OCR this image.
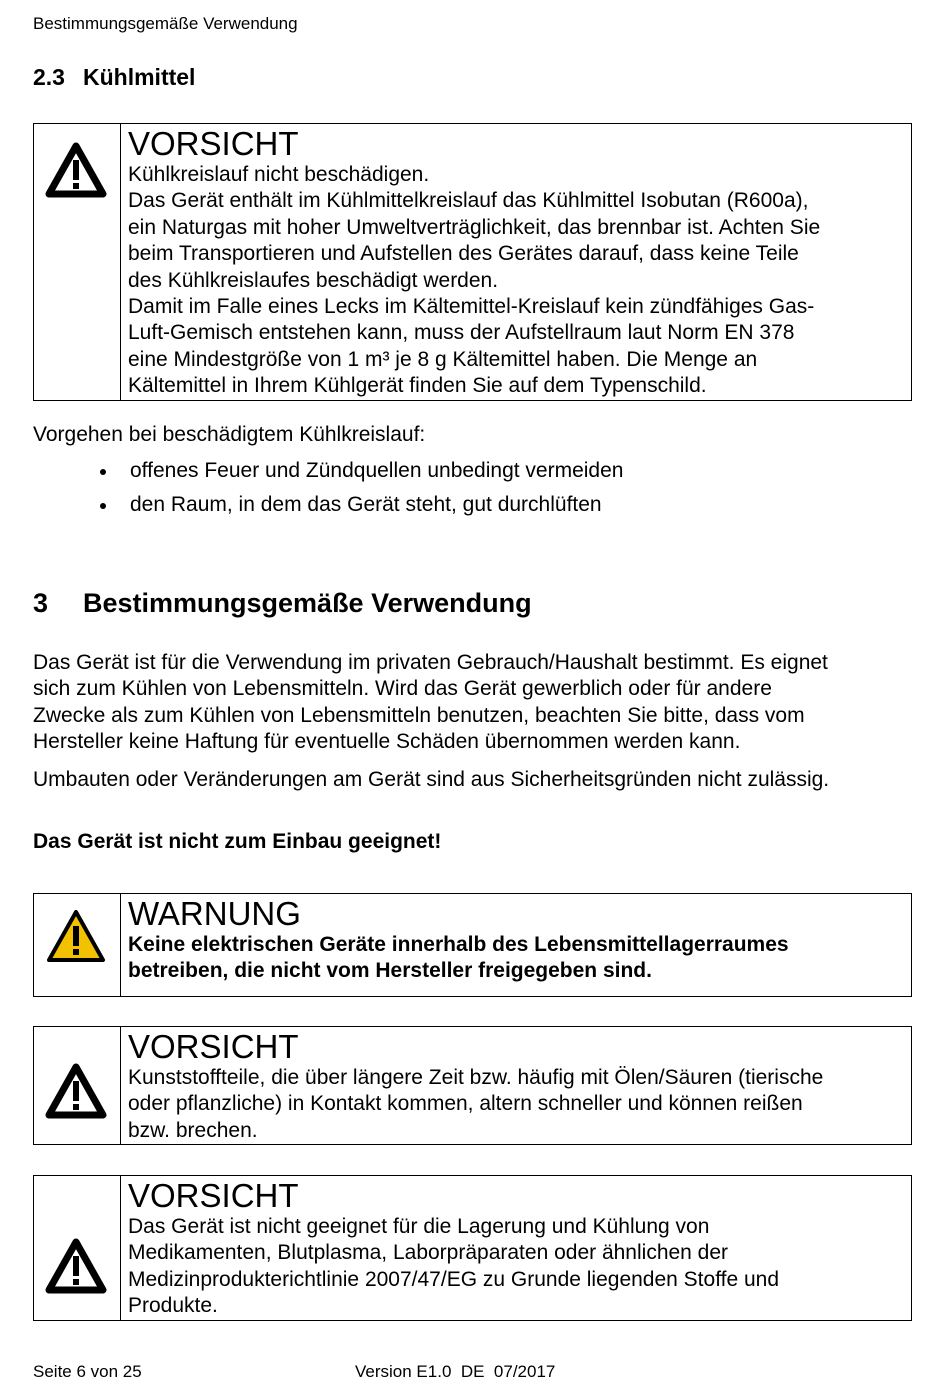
Bestimmungsgemäße Verwendung
2.3 Kühlmittel
VORSICHT

Kühlkreislauf nicht beschädigen.

Das Gerät enthält im Kühlmittelkreislauf das Kühlmittel Isobutan (R600a),

ein Naturgas mit hoher Umweltverträglichkeit, das brennbar ist. Achten Sie

beim Transportieren und Aufstellen des Gerätes darauf, dass keine Teile

des Kühlkreislaufes beschädigt werden.

Damit im Falle eines Lecks im Kältemittel-Kreislauf kein zündfähiges Gas-

Luft-Gemisch entstehen kann, muss der Aufstellraum laut Norm EN 378

eine Mindestgröße von 1 m³ je 8 g Kältemittel haben. Die Menge an

Kältemittel in Ihrem Kühlgerät finden Sie auf dem Typenschild.

Vorgehen bei beschädigtem Kühlkreislauf:
offenes Feuer und Zündquellen unbedingt vermeiden
den Raum, in dem das Gerät steht, gut durchlüften
3 Bestimmungsgemäße Verwendung
Das Gerät ist für die Verwendung im privaten Gebrauch/Haushalt bestimmt. Es eignet
sich zum Kühlen von Lebensmitteln. Wird das Gerät gewerblich oder für andere
Zwecke als zum Kühlen von Lebensmitteln benutzen, beachten Sie bitte, dass vom
Hersteller keine Haftung für eventuelle Schäden übernommen werden kann.
Umbauten oder Veränderungen am Gerät sind aus Sicherheitsgründen nicht zulässig.
Das Gerät ist nicht zum Einbau geeignet!
WARNUNG

Keine elektrischen Geräte innerhalb des Lebensmittellagerraumes

betreiben, die nicht vom Hersteller freigegeben sind.

VORSICHT

Kunststoffteile, die über längere Zeit bzw. häufig mit Ölen/Säuren (tierische

oder pflanzliche) in Kontakt kommen, altern schneller und können reißen

bzw. brechen.

VORSICHT

Das Gerät ist nicht geeignet für die Lagerung und Kühlung von

Medikamenten, Blutplasma, Laborpräparaten oder ähnlichen der

Medizinprodukterichtlinie 2007/47/EG zu Grunde liegenden Stoffe und

Produkte.

Seite 6 von 25	Version E1.0  DE  07/2017
